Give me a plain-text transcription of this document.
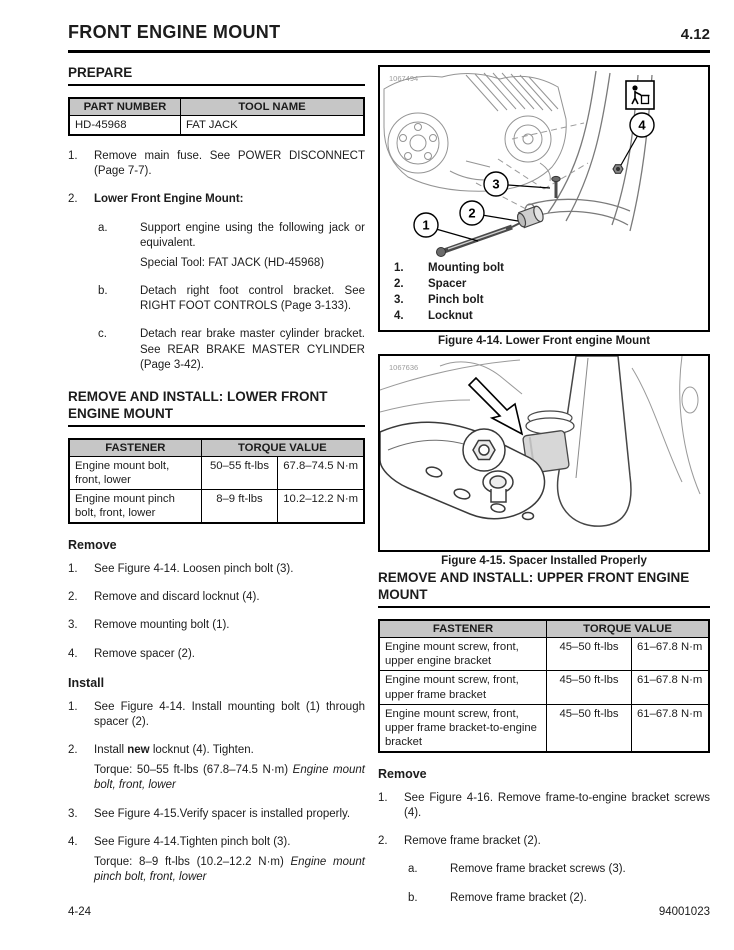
FRONT ENGINE MOUNT	4.12
PREPARE
PART NUMBER	TOOL NAME
HD-45968	FAT JACK
1.	Remove main fuse. See POWER DISCONNECT (Page 7-7).
2.	Lower Front Engine Mount:
a.	Support engine using the following jack or equivalent.
Special Tool: FAT JACK (HD-45968)
b.	Detach right foot control bracket. See RIGHT FOOT CONTROLS (Page 3-133).
c.	Detach rear brake master cylinder bracket. See REAR BRAKE MASTER CYLINDER (Page 3-42).
REMOVE AND INSTALL: LOWER FRONT ENGINE MOUNT
FASTENER	TORQUE VALUE	
Engine mount bolt, front, lower	50–55 ft-lbs	67.8–74.5 N·m
Engine mount pinch bolt, front, lower	8–9 ft-lbs	10.2–12.2 N·m
Remove
1.	See Figure 4-14. Loosen pinch bolt (3).
2.	Remove and discard locknut (4).
3.	Remove mounting bolt (1).
4.	Remove spacer (2).
Install
1.	See Figure 4-14. Install mounting bolt (1) through spacer (2).
2.	Install new locknut (4). Tighten.
Torque: 50–55 ft-lbs (67.8–74.5 N·m) Engine mount bolt, front, lower
3.	See Figure 4-15.Verify spacer is installed properly.
4.	See Figure 4-14.Tighten pinch bolt (3).
Torque: 8–9 ft-lbs (10.2–12.2 N·m) Engine mount pinch bolt, front, lower
1
2
3
4
1067494
1.	Mounting bolt
2.	Spacer
3.	Pinch bolt
4.	Locknut
Figure 4-14. Lower Front engine Mount
1067636
Figure 4-15. Spacer Installed Properly
REMOVE AND INSTALL: UPPER FRONT ENGINE MOUNT
FASTENER	TORQUE VALUE	
Engine mount screw, front, upper engine bracket	45–50 ft-lbs	61–67.8 N·m
Engine mount screw, front, upper frame bracket	45–50 ft-lbs	61–67.8 N·m
Engine mount screw, front, upper frame bracket-to-engine bracket	45–50 ft-lbs	61–67.8 N·m
Remove
1.	See Figure 4-16. Remove frame-to-engine bracket screws (4).
2.	Remove frame bracket (2).
a.	Remove frame bracket screws (3).
b.	Remove frame bracket (2).
4-24	94001023
